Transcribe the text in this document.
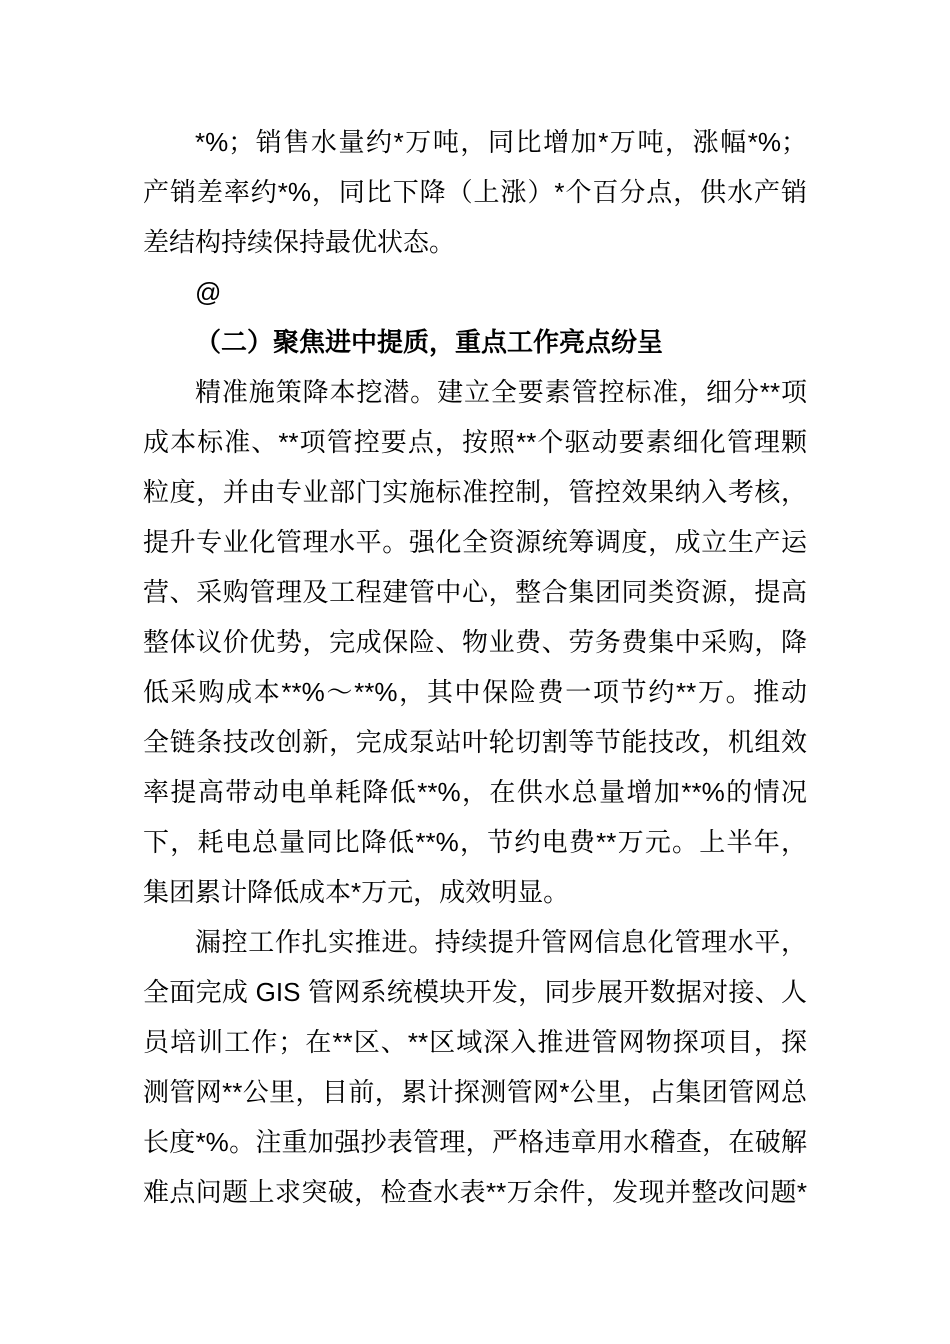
*%；销售水量约*万吨，同比增加*万吨，涨幅*%；
产销差率约*%，同比下降（上涨）*个百分点，供水产销
差结构持续保持最优状态。
@
（二）聚焦进中提质，重点工作亮点纷呈
精准施策降本挖潜。建立全要素管控标准，细分**项
成本标准、**项管控要点，按照**个驱动要素细化管理颗
粒度，并由专业部门实施标准控制，管控效果纳入考核，
提升专业化管理水平。强化全资源统筹调度，成立生产运
营、采购管理及工程建管中心，整合集团同类资源，提高
整体议价优势，完成保险、物业费、劳务费集中采购，降
低采购成本**%～**%，其中保险费一项节约**万。推动
全链条技改创新，完成泵站叶轮切割等节能技改，机组效
率提高带动电单耗降低**%，在供水总量增加**%的情况
下，耗电总量同比降低**%，节约电费**万元。上半年，
集团累计降低成本*万元，成效明显。
漏控工作扎实推进。持续提升管网信息化管理水平，
全面完成 GIS 管网系统模块开发，同步展开数据对接、人
员培训工作；在**区、**区域深入推进管网物探项目，探
测管网**公里，目前，累计探测管网*公里，占集团管网总
长度*%。注重加强抄表管理，严格违章用水稽查，在破解
难点问题上求突破，检查水表**万余件，发现并整改问题*
